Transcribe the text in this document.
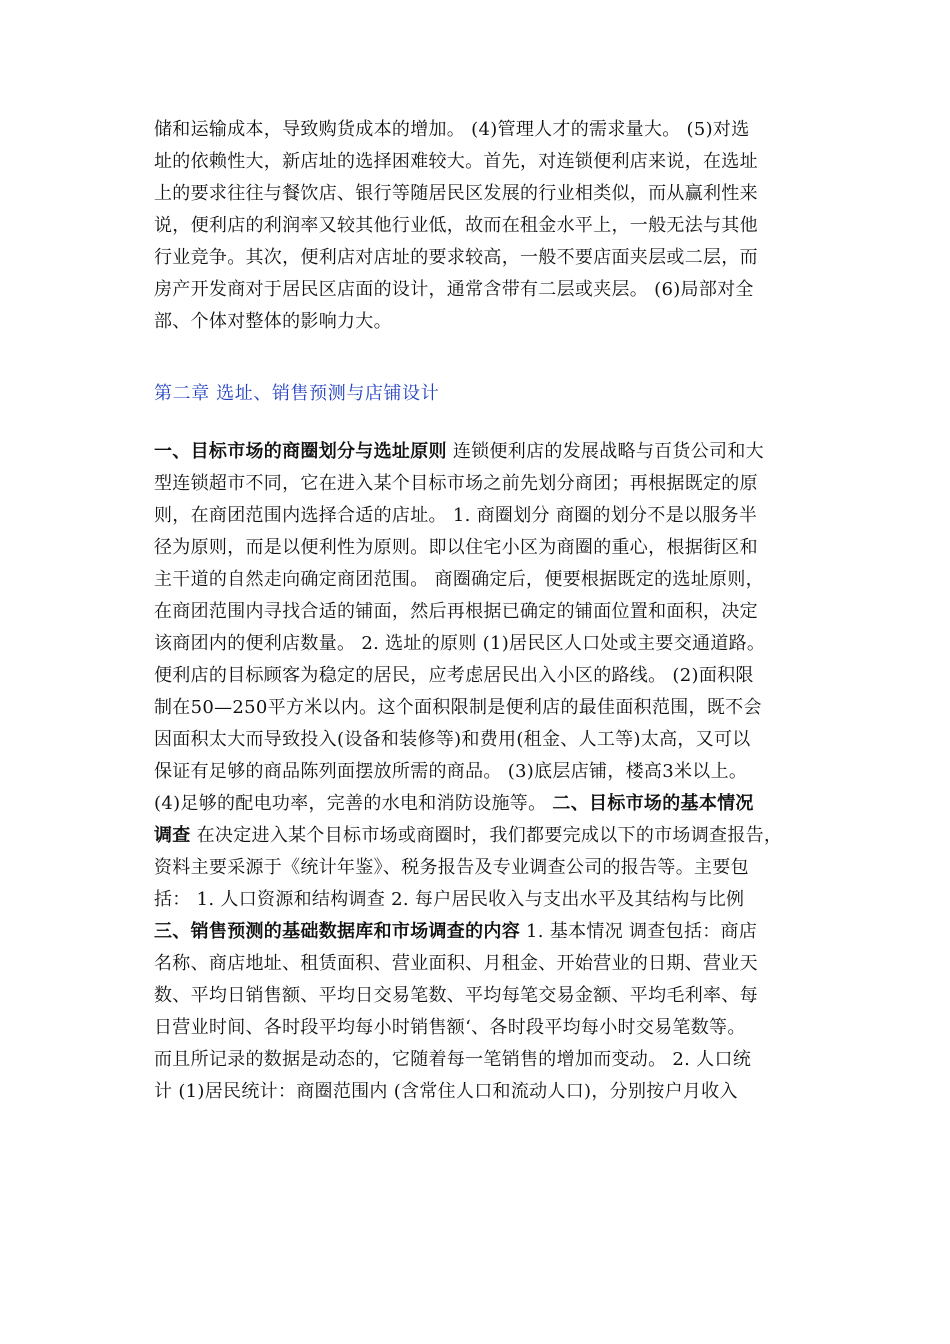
储和运输成本，导致购货成本的增加。 (4)管理人才的需求量大。 (5)对选

址的依赖性大，新店址的选择困难较大。首先，对连锁便利店来说，在选址

上的要求往往与餐饮店、银行等随居民区发展的行业相类似，而从赢利性来

说，便利店的利润率又较其他行业低，故而在租金水平上，一般无法与其他

行业竞争。其次，便利店对店址的要求较高，一般不要店面夹层或二层，而

房产开发商对于居民区店面的设计，通常含带有二层或夹层。 (6)局部对全

部、个体对整体的影响力大。

第二章 选址、销售预测与店铺设计

一、目标市场的商圈划分与选址原则 连锁便利店的发展战略与百货公司和大

型连锁超市不同，它在进入某个目标市场之前先划分商团；再根据既定的原

则，在商团范围内选择合适的店址。 1. 商圈划分 商圈的划分不是以服务半

径为原则，而是以便利性为原则。即以住宅小区为商圈的重心，根据街区和

主干道的自然走向确定商团范围。 商圈确定后，便要根据既定的选址原则，

在商团范围内寻找合适的铺面，然后再根据已确定的铺面位置和面积，决定

该商团内的便利店数量。 2. 选址的原则 (1)居民区人口处或主要交通道路。

便利店的目标顾客为稳定的居民，应考虑居民出入小区的路线。 (2)面积限

制在50—250平方米以内。这个面积限制是便利店的最佳面积范围，既不会

因面积太大而导致投入(设备和装修等)和费用(租金、人工等)太高，又可以

保证有足够的商品陈列面摆放所需的商品。 (3)底层店铺，楼高3米以上。

(4)足够的配电功率，完善的水电和消防设施等。 二、目标市场的基本情况

调查 在决定进入某个目标市场或商圈时，我们都要完成以下的市场调查报告，

资料主要采源于《统计年鉴》、税务报告及专业调查公司的报告等。主要包

括： 1. 人口资源和结构调查 2. 每户居民收入与支出水平及其结构与比例

三、销售预测的基础数据库和市场调查的内容 1. 基本情况 调查包括：商店

名称、商店地址、租赁面积、营业面积、月租金、开始营业的日期、营业天

数、平均日销售额、平均日交易笔数、平均每笔交易金额、平均毛利率、每

日营业时间、各时段平均每小时销售额‘、各时段平均每小时交易笔数等。

而且所记录的数据是动态的，它随着每一笔销售的增加而变动。 2. 人口统

计 (1)居民统计：商圈范围内 (含常住人口和流动人口)，分别按户月收入
